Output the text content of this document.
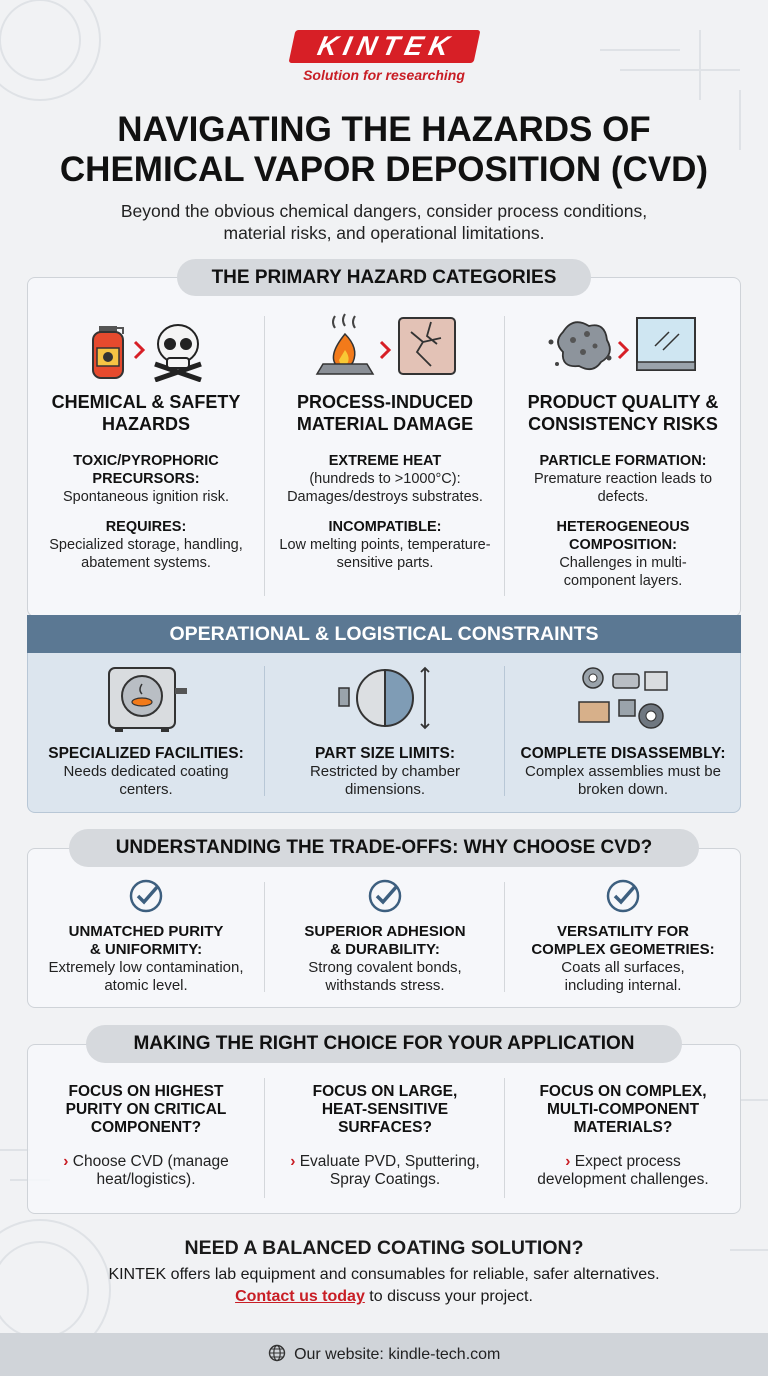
KINTEK
Solution for researching
NAVIGATING THE HAZARDS OF
CHEMICAL VAPOR DEPOSITION (CVD)
Beyond the obvious chemical dangers, consider process conditions,
material risks, and operational limitations.
THE PRIMARY HAZARD CATEGORIES
CHEMICAL & SAFETY
HAZARDS
TOXIC/PYROPHORIC PRECURSORS:
Spontaneous ignition risk.
REQUIRES:
Specialized storage, handling, abatement systems.
PROCESS-INDUCED
MATERIAL DAMAGE
EXTREME HEAT
(hundreds to >1000°C): Damages/destroys substrates.
INCOMPATIBLE:
Low melting points, temperature-sensitive parts.
PRODUCT QUALITY &
CONSISTENCY RISKS
PARTICLE FORMATION:
Premature reaction leads to defects.
HETEROGENEOUS COMPOSITION:
Challenges in multi-component layers.
OPERATIONAL & LOGISTICAL CONSTRAINTS
SPECIALIZED FACILITIES:
Needs dedicated coating centers.
PART SIZE LIMITS:
Restricted by chamber dimensions.
COMPLETE DISASSEMBLY:
Complex assemblies must be broken down.
UNDERSTANDING THE TRADE-OFFS: WHY CHOOSE CVD?
UNMATCHED PURITY
& UNIFORMITY:
Extremely low contamination, atomic level.
SUPERIOR ADHESION
& DURABILITY:
Strong covalent bonds, withstands stress.
VERSATILITY FOR
COMPLEX GEOMETRIES:
Coats all surfaces, including internal.
MAKING THE RIGHT CHOICE FOR YOUR APPLICATION
FOCUS ON HIGHEST PURITY ON CRITICAL COMPONENT?
› Choose CVD (manage heat/logistics).
FOCUS ON LARGE, HEAT-SENSITIVE SURFACES?
› Evaluate PVD, Sputtering, Spray Coatings.
FOCUS ON COMPLEX, MULTI-COMPONENT MATERIALS?
› Expect process development challenges.
NEED A BALANCED COATING SOLUTION?
KINTEK offers lab equipment and consumables for reliable, safer alternatives.
Contact us today to discuss your project.
Our website: kindle-tech.com
